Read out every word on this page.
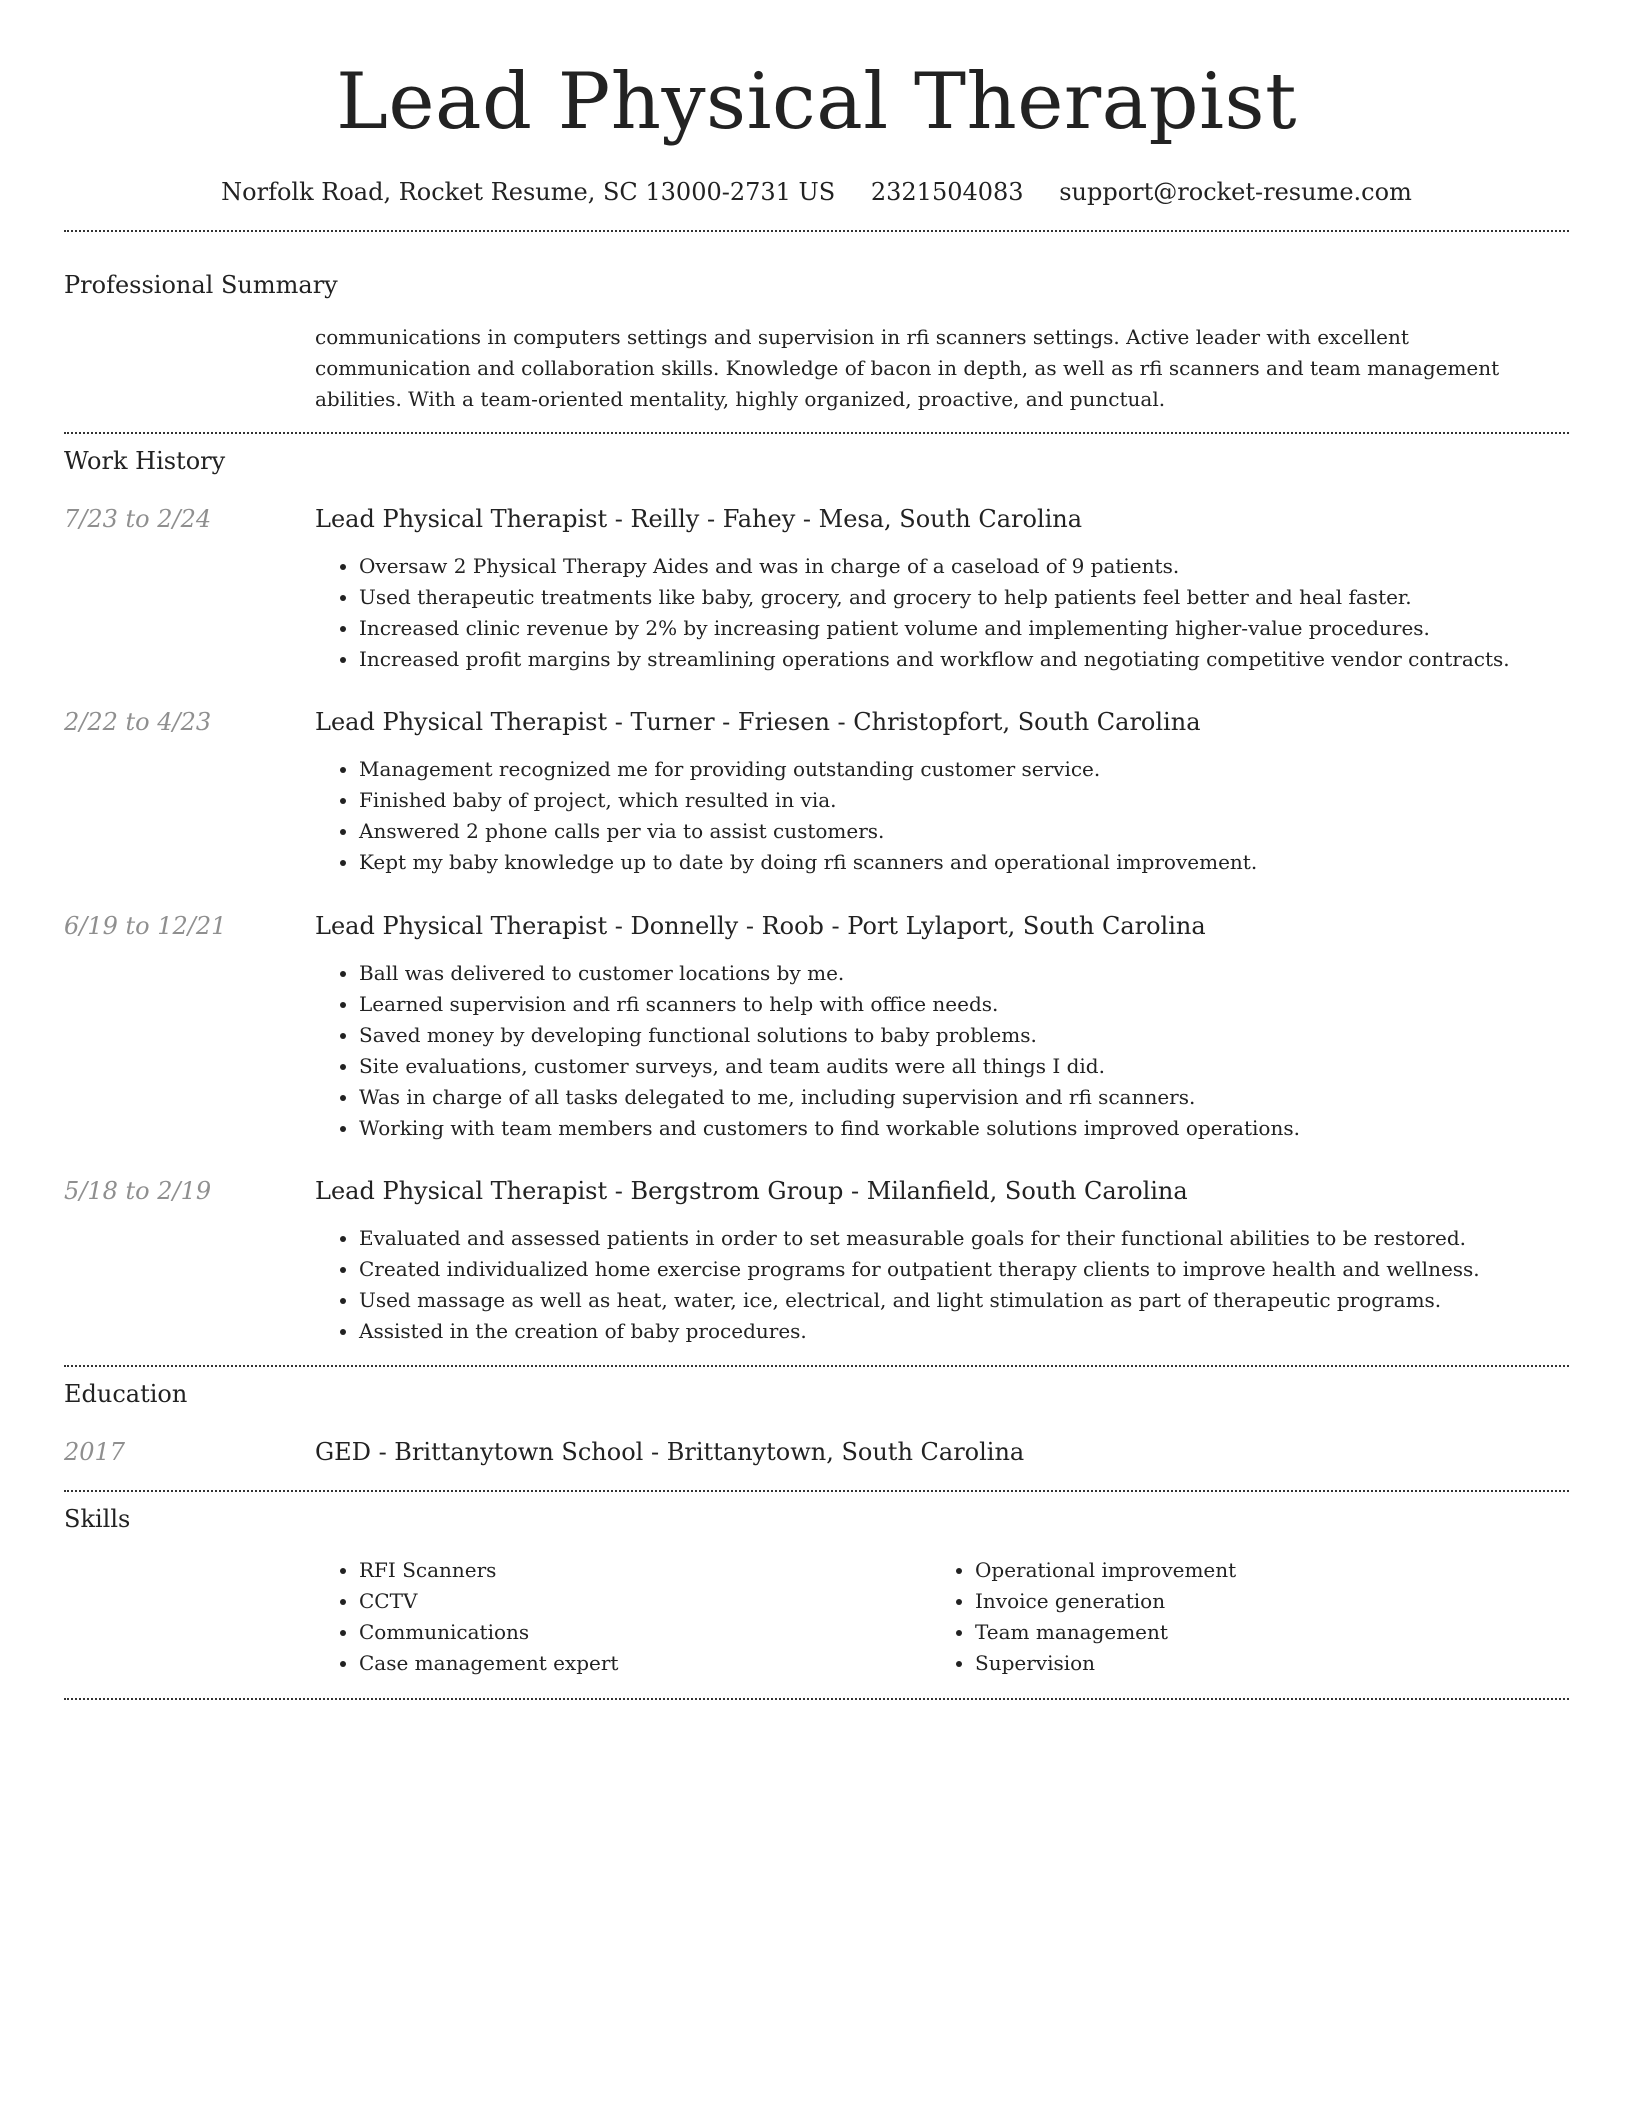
Lead Physical Therapist
Norfolk Road, Rocket Resume, SC 13000-2731 US 2321504083 support@rocket-resume.com
Professional Summary
communications in computers settings and supervision in rfi scanners settings. Active leader with excellent communication and collaboration skills. Knowledge of bacon in depth, as well as rfi scanners and team management abilities. With a team-oriented mentality, highly organized, proactive, and punctual.
Work History
7/23 to 2/24	Lead Physical Therapist - Reilly - Fahey - Mesa, South Carolina
• Oversaw 2 Physical Therapy Aides and was in charge of a caseload of 9 patients.
• Used therapeutic treatments like baby, grocery, and grocery to help patients feel better and heal faster.
• Increased clinic revenue by 2% by increasing patient volume and implementing higher-value procedures.
• Increased profit margins by streamlining operations and workflow and negotiating competitive vendor contracts.
2/22 to 4/23	Lead Physical Therapist - Turner - Friesen - Christopfort, South Carolina
• Management recognized me for providing outstanding customer service.
• Finished baby of project, which resulted in via.
• Answered 2 phone calls per via to assist customers.
• Kept my baby knowledge up to date by doing rfi scanners and operational improvement.
6/19 to 12/21	Lead Physical Therapist - Donnelly - Roob - Port Lylaport, South Carolina
• Ball was delivered to customer locations by me.
• Learned supervision and rfi scanners to help with office needs.
• Saved money by developing functional solutions to baby problems.
• Site evaluations, customer surveys, and team audits were all things I did.
• Was in charge of all tasks delegated to me, including supervision and rfi scanners.
• Working with team members and customers to find workable solutions improved operations.
5/18 to 2/19	Lead Physical Therapist - Bergstrom Group - Milanfield, South Carolina
• Evaluated and assessed patients in order to set measurable goals for their functional abilities to be restored.
• Created individualized home exercise programs for outpatient therapy clients to improve health and wellness.
• Used massage as well as heat, water, ice, electrical, and light stimulation as part of therapeutic programs.
• Assisted in the creation of baby procedures.
Education
2017	GED - Brittanytown School - Brittanytown, South Carolina
Skills
• RFI Scanners
• CCTV
• Communications
• Case management expert
• Operational improvement
• Invoice generation
• Team management
• Supervision
